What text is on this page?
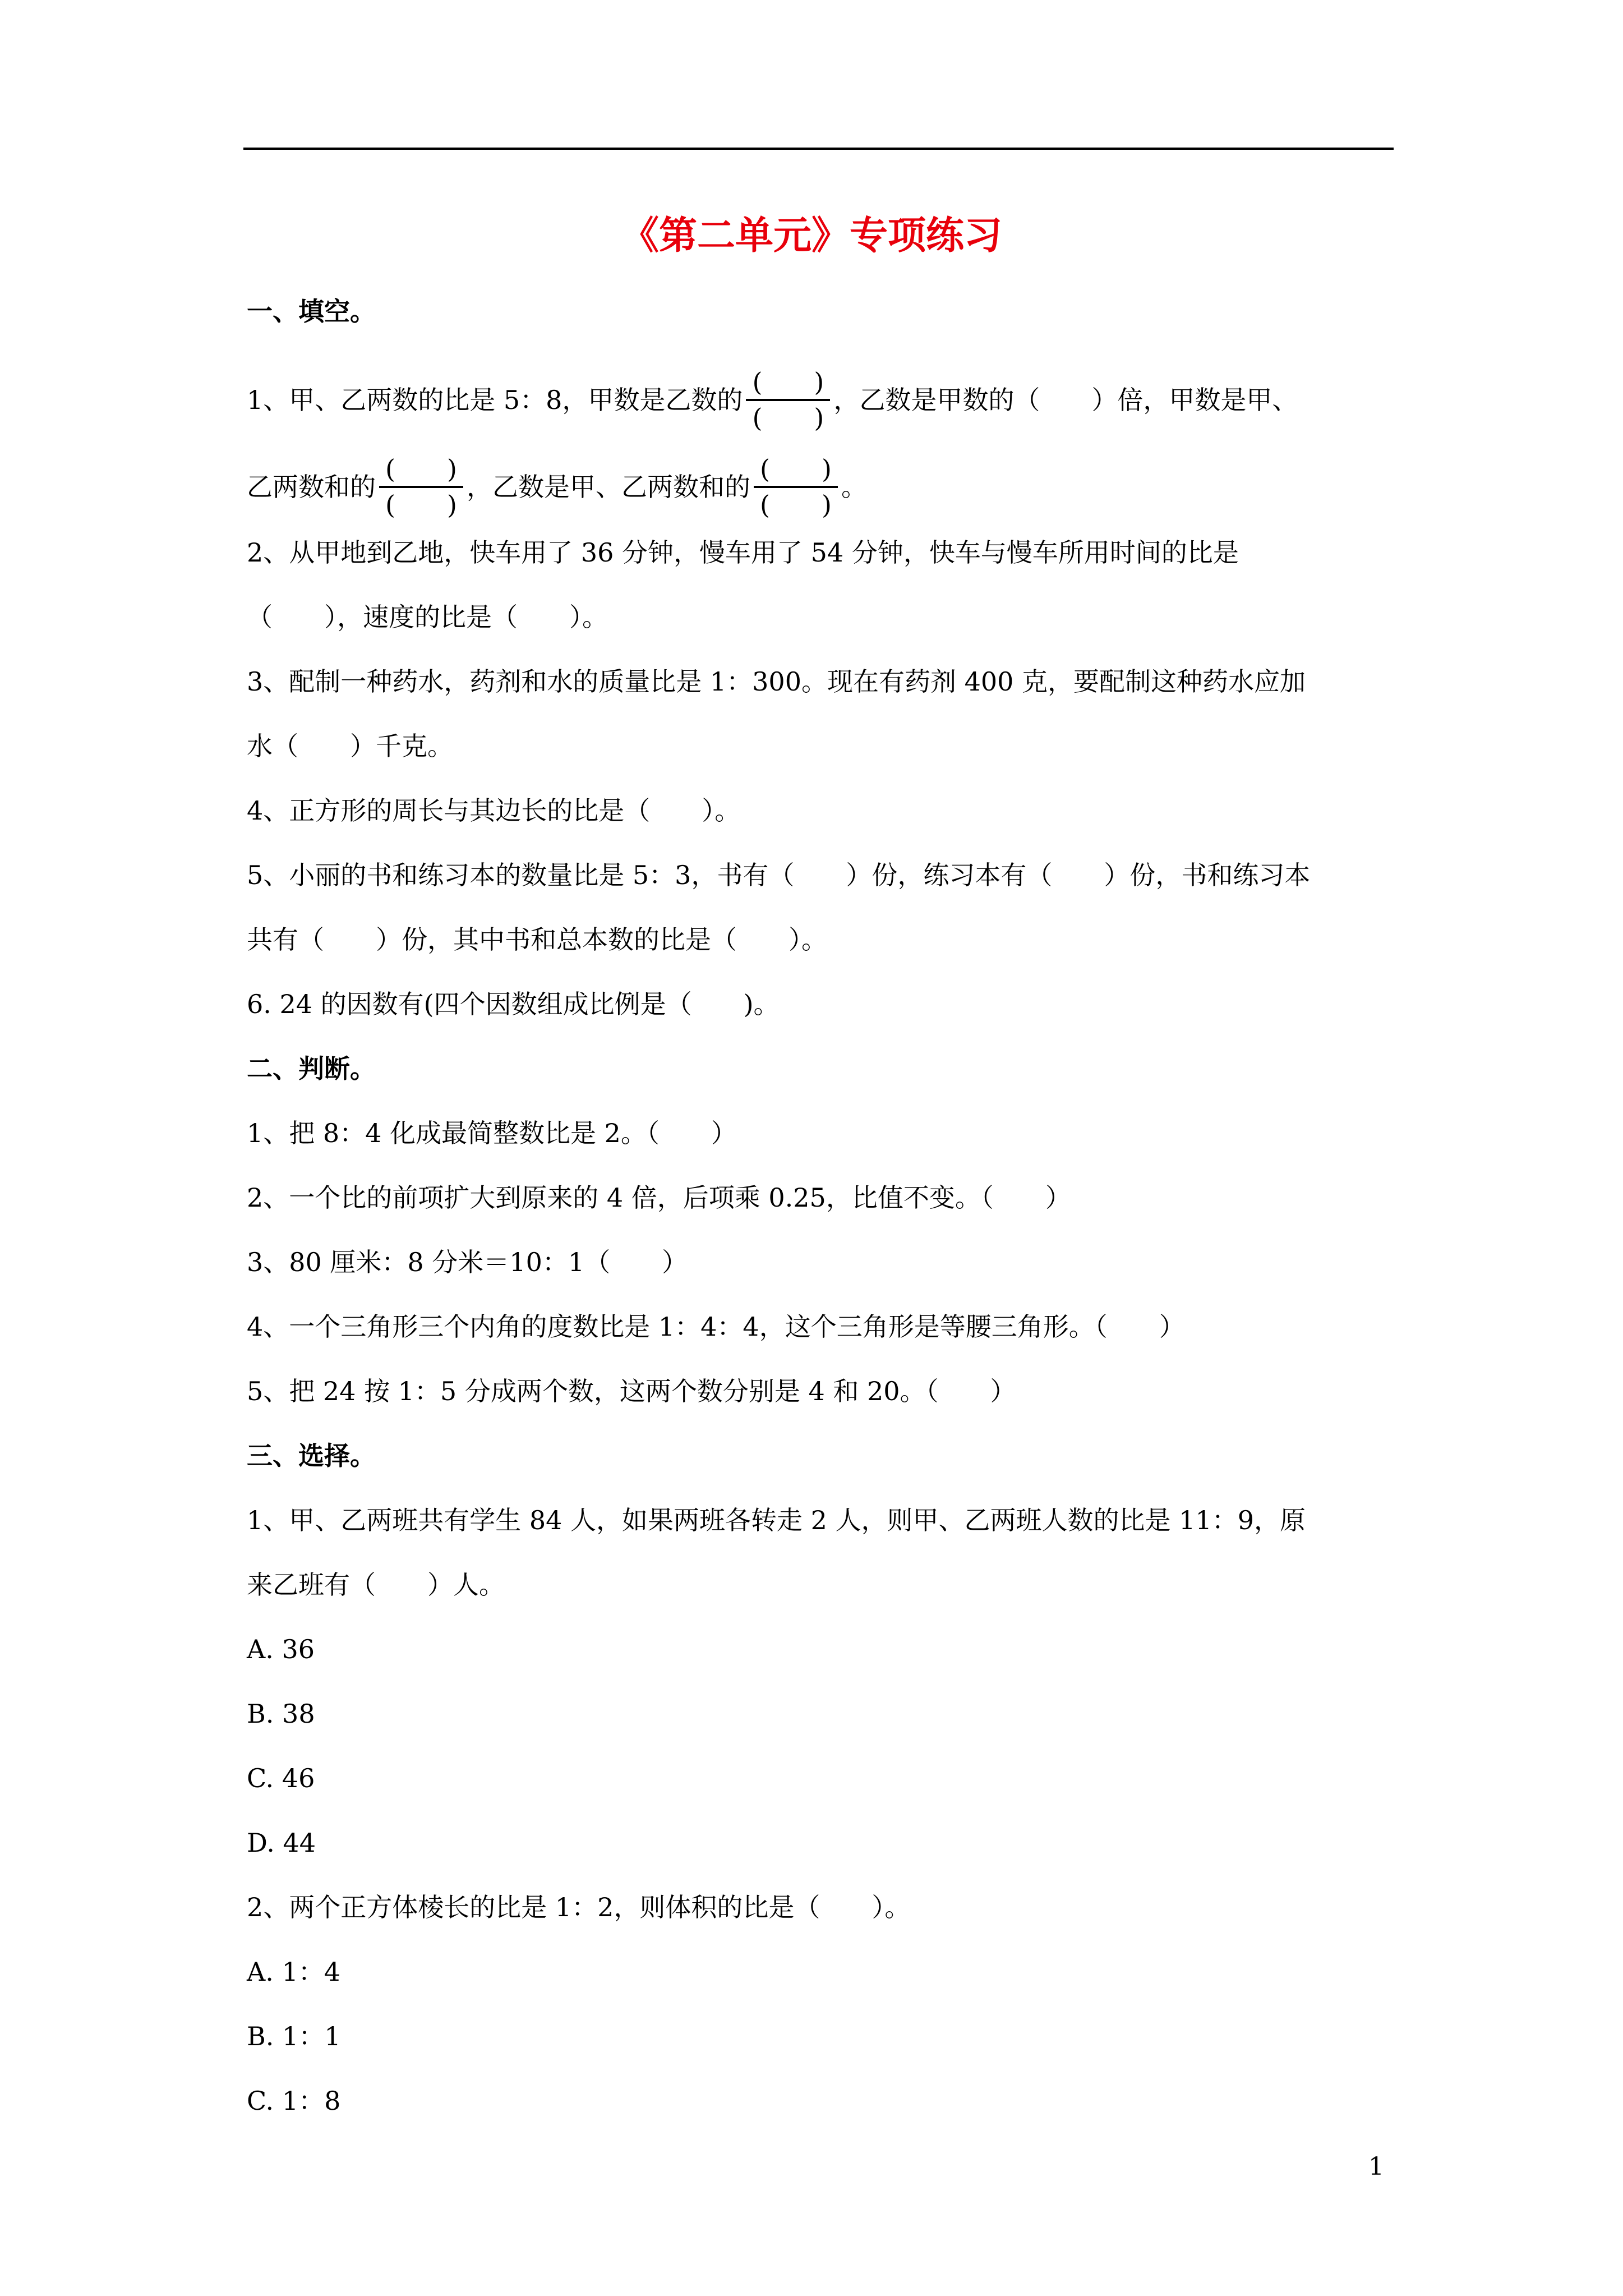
《第二单元》专项练习
一、填空。
1、甲、乙两数的比是 5：8，甲数是乙数的 $\frac{( )}{( )}$ ，乙数是甲数的（　　）倍，甲数是甲、
乙两数和的 $\frac{( )}{( )}$ ，乙数是甲、乙两数和的 $\frac{( )}{( )}$ 。
2、从甲地到乙地，快车用了 36 分钟，慢车用了 54 分钟，快车与慢车所用时间的比是
（　　），速度的比是（　　）。
3、配制一种药水，药剂和水的质量比是 1：300。现在有药剂 400 克，要配制这种药水应加
水（　　）千克。
4、正方形的周长与其边长的比是（　　）。
5、小丽的书和练习本的数量比是 5：3，书有（　　）份，练习本有（　　）份，书和练习本
共有（　　）份，其中书和总本数的比是（　　）。
6. 24 的因数有(四个因数组成比例是（　　)。
二、判断。
1、把 8：4 化成最简整数比是 2。（　　）
2、一个比的前项扩大到原来的 4 倍，后项乘 0.25，比值不变。（　　）
3、80 厘米：8 分米＝10：1（　　）
4、一个三角形三个内角的度数比是 1：4：4，这个三角形是等腰三角形。（　　）
5、把 24 按 1：5 分成两个数，这两个数分别是 4 和 20。（　　）
三、选择。
1、甲、乙两班共有学生 84 人，如果两班各转走 2 人，则甲、乙两班人数的比是 11：9，原
来乙班有（　　）人。
A. 36
B. 38
C. 46
D. 44
2、两个正方体棱长的比是 1：2，则体积的比是（　　）。
A. 1：4
B. 1：1
C. 1：8
1
